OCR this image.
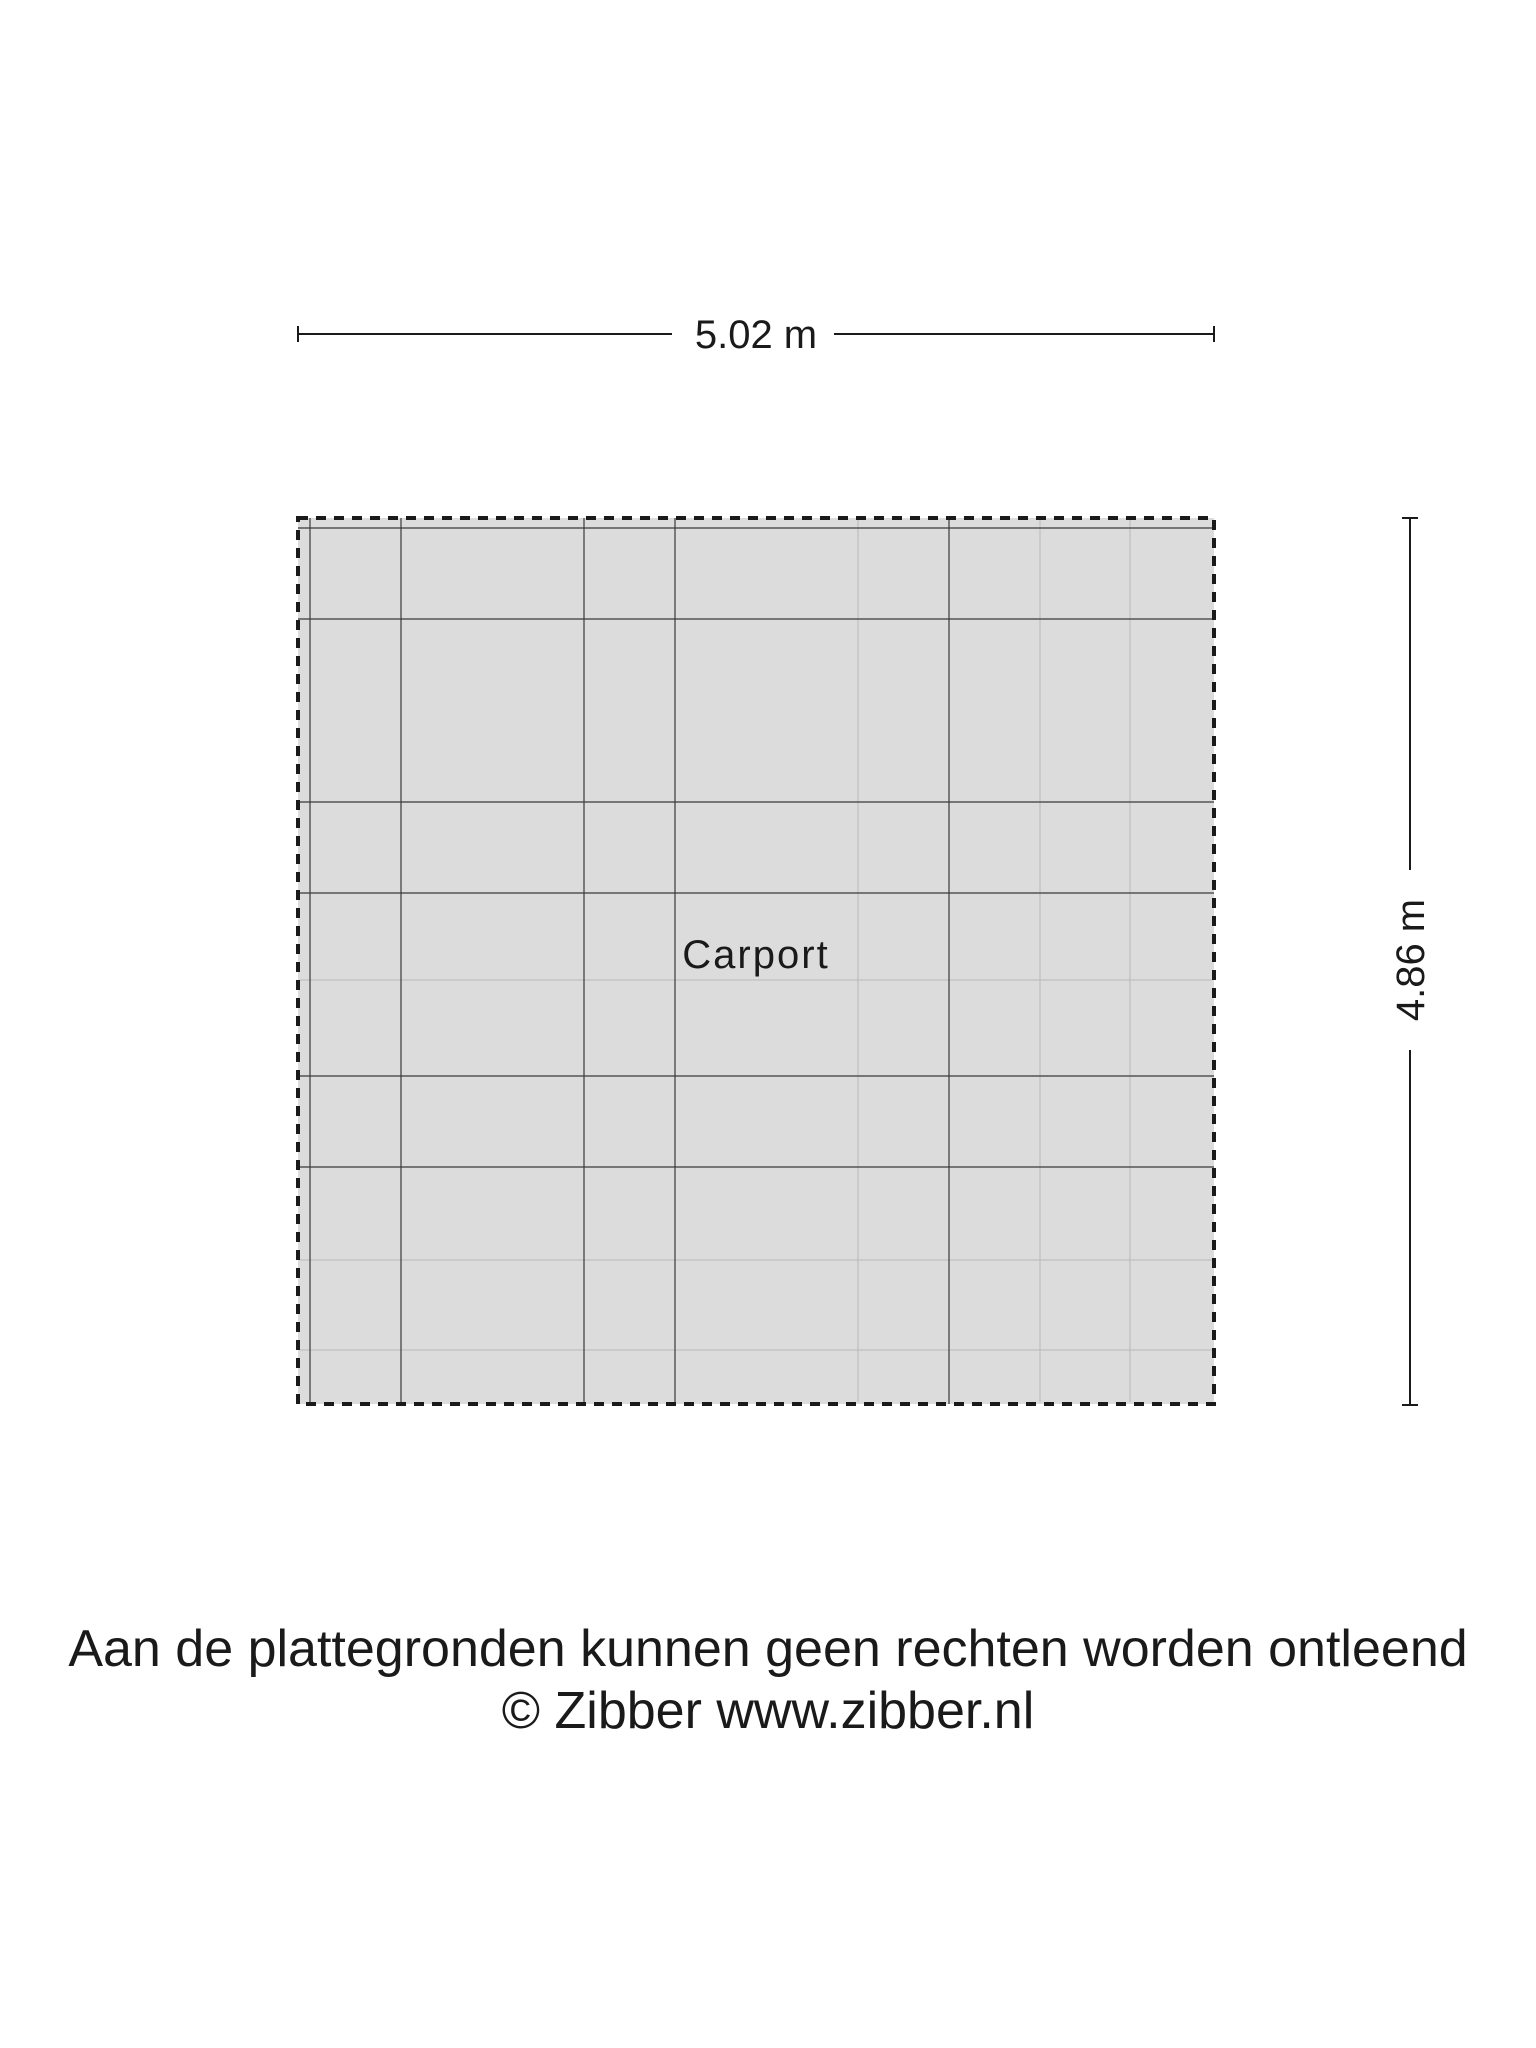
5.02 m
4.86 m
Carport
Aan de plattegronden kunnen geen rechten worden ontleend
© Zibber www.zibber.nl
